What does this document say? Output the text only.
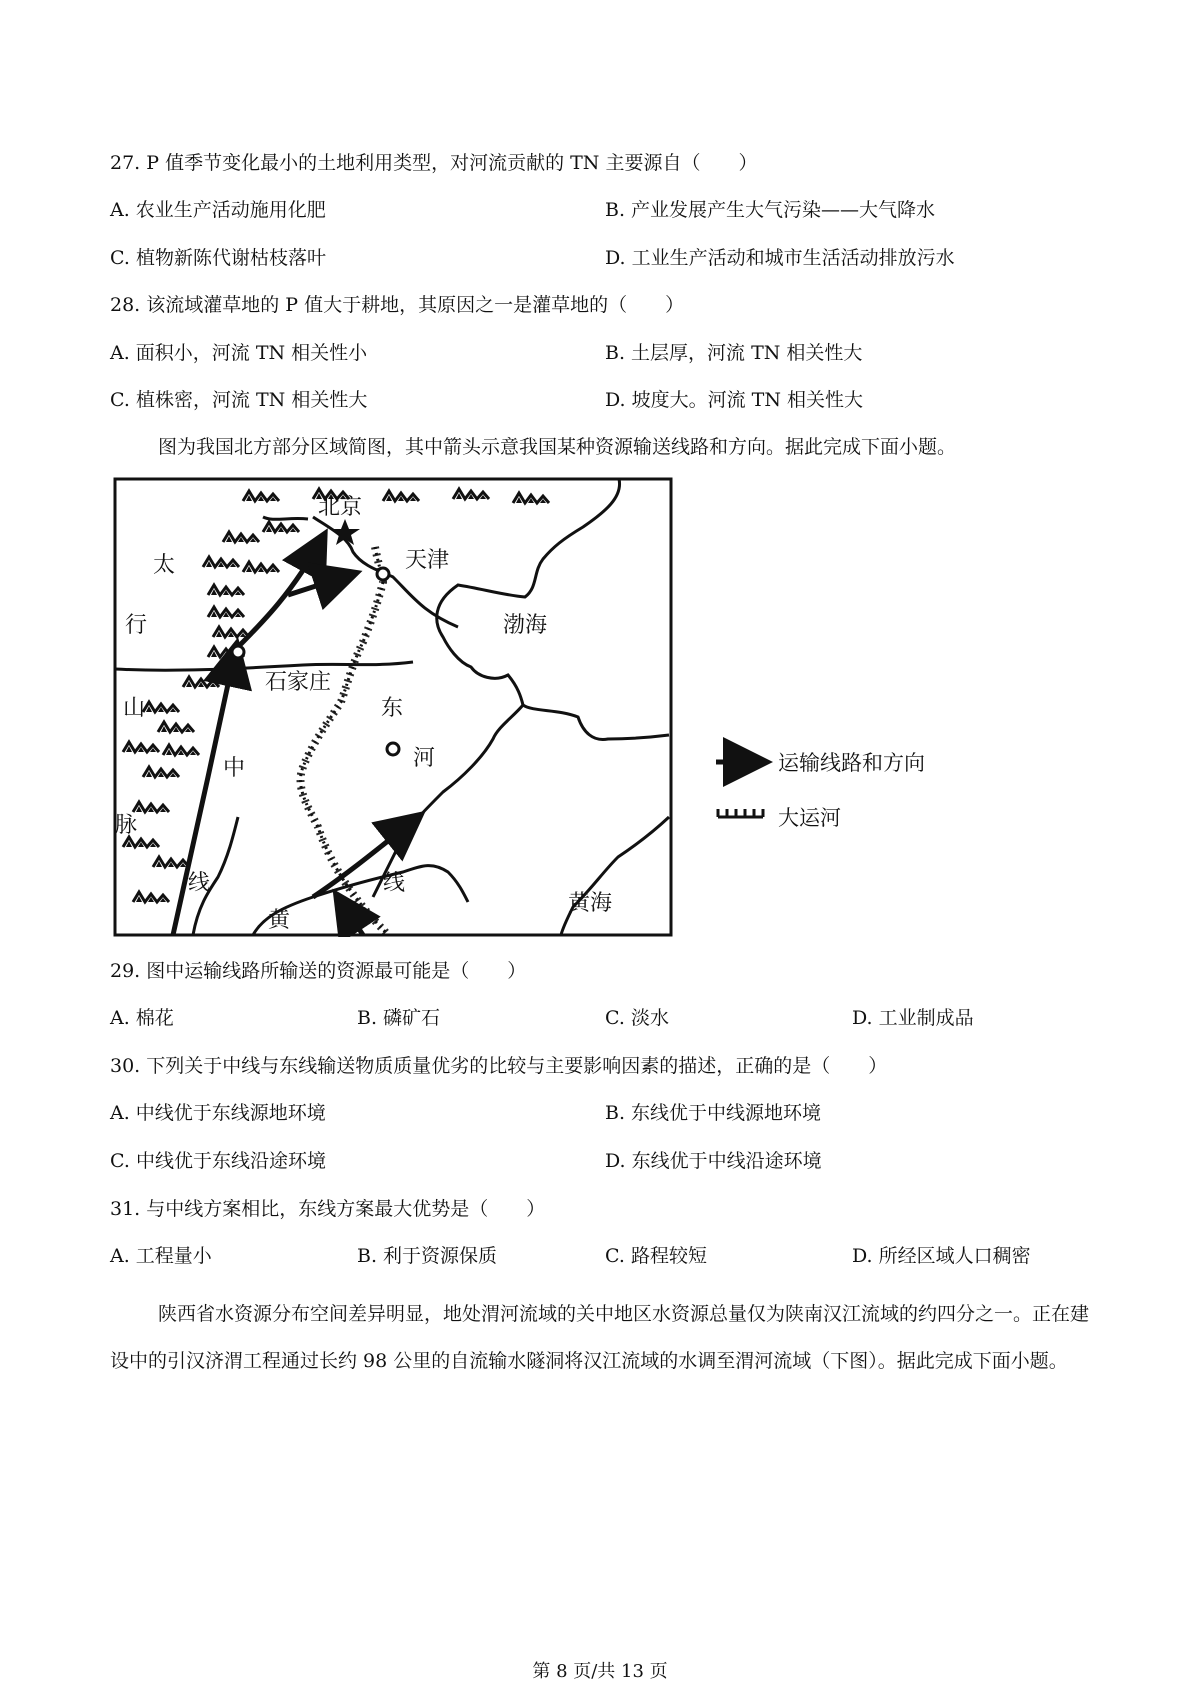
27. P 值季节变化最小的土地利用类型，对河流贡献的 TN 主要源自（　　）
A. 农业生产活动施用化肥	B. 产业发展产生大气污染——大气降水
C. 植物新陈代谢枯枝落叶	D. 工业生产活动和城市生活活动排放污水
28. 该流域灌草地的 P 值大于耕地，其原因之一是灌草地的（　　）
A. 面积小，河流 TN 相关性小	B. 土层厚，河流 TN 相关性大
C. 植株密，河流 TN 相关性大	D. 坡度大。河流 TN 相关性大
图为我国北方部分区域简图，其中箭头示意我国某种资源输送线路和方向。据此完成下面小题。
北京
天津
石家庄
渤海
黄海
太
行
山
脉
中
线
东
河
线
黄
运输线路和方向
大运河
29. 图中运输线路所输送的资源最可能是（　　）
A. 棉花	B. 磷矿石	C. 淡水	D. 工业制成品
30. 下列关于中线与东线输送物质质量优劣的比较与主要影响因素的描述，正确的是（　　）
A. 中线优于东线源地环境	B. 东线优于中线源地环境
C. 中线优于东线沿途环境	D. 东线优于中线沿途环境
31. 与中线方案相比，东线方案最大优势是（　　）
A. 工程量小	B. 利于资源保质	C. 路程较短	D. 所经区域人口稠密
陕西省水资源分布空间差异明显，地处渭河流域的关中地区水资源总量仅为陕南汉江流域的约四分之一。正在建设中的引汉济渭工程通过长约 98 公里的自流输水隧洞将汉江流域的水调至渭河流域（下图）。据此完成下面小题。
第 8 页/共 13 页
